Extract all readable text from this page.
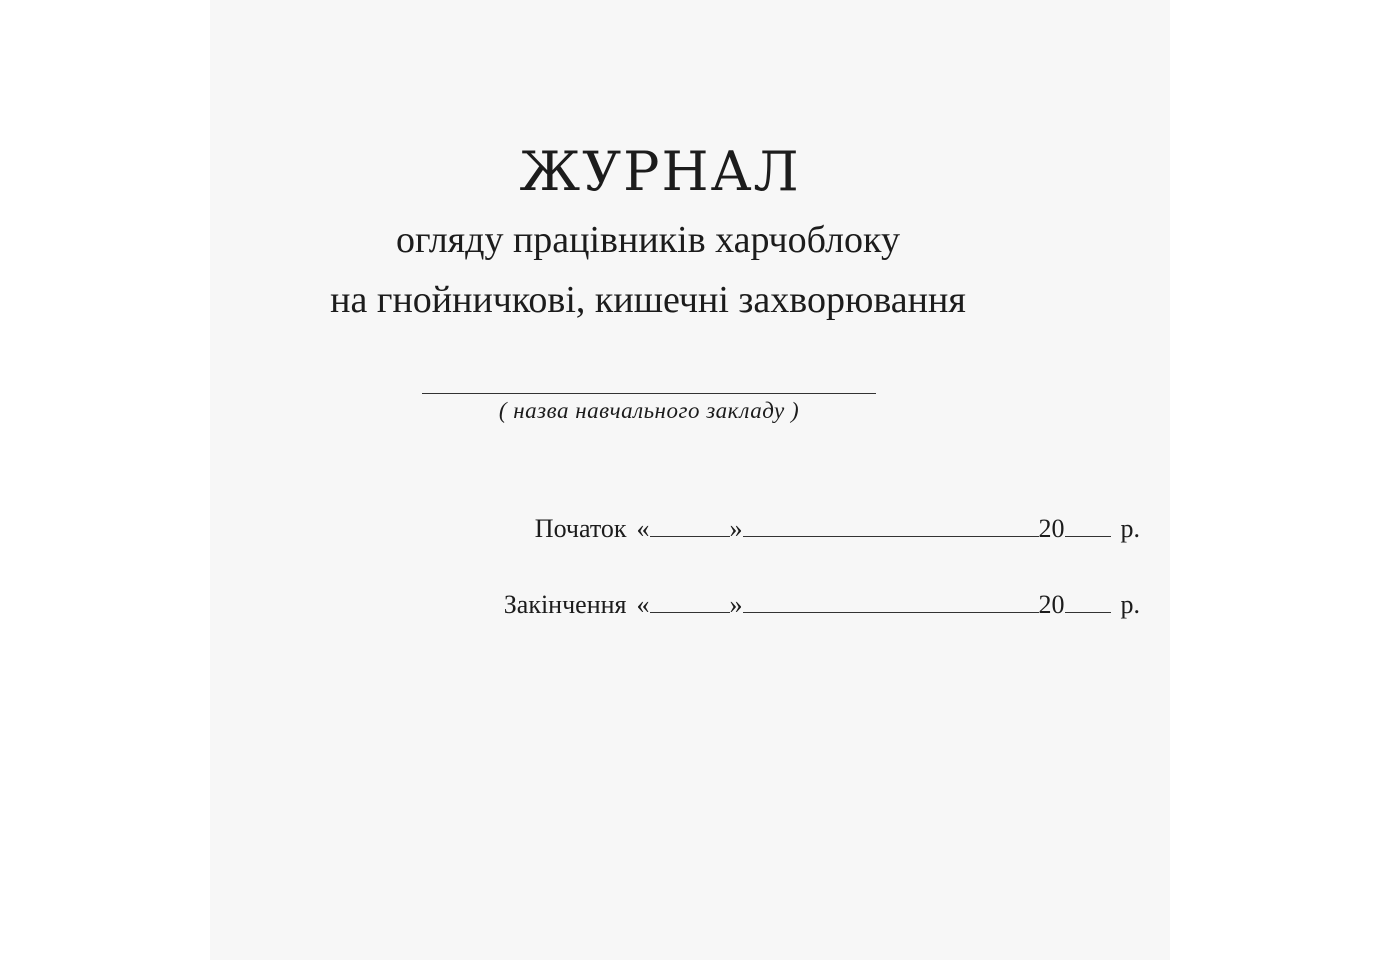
ЖУРНАЛ

огляду працівників харчоблоку

на гнойничкові, кишечні захворювання

( назва навчального закладу )
Початок «	»	20 р.
Закінчення «	»	20 р.
